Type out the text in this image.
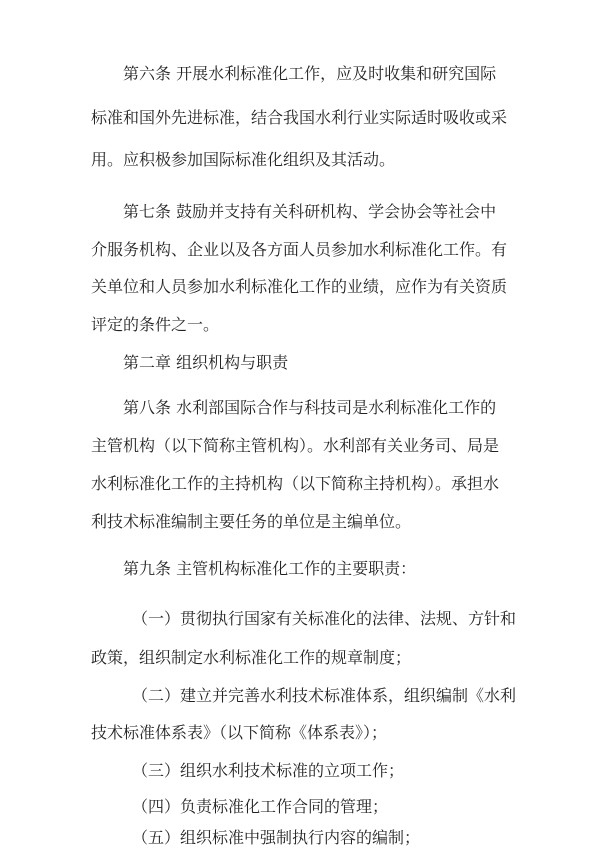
第六条 开展水利标准化工作，应及时收集和研究国际
标准和国外先进标准，结合我国水利行业实际适时吸收或采
用。应积极参加国际标准化组织及其活动。
第七条 鼓励并支持有关科研机构、学会协会等社会中
介服务机构、企业以及各方面人员参加水利标准化工作。有
关单位和人员参加水利标准化工作的业绩，应作为有关资质
评定的条件之一。
第二章 组织机构与职责
第八条 水利部国际合作与科技司是水利标准化工作的
主管机构（以下简称主管机构）。水利部有关业务司、局是
水利标准化工作的主持机构（以下简称主持机构）。承担水
利技术标准编制主要任务的单位是主编单位。
第九条 主管机构标准化工作的主要职责：
（一）贯彻执行国家有关标准化的法律、法规、方针和
政策，组织制定水利标准化工作的规章制度；
（二）建立并完善水利技术标准体系，组织编制《水利
技术标准体系表》（以下简称《体系表》）；
（三）组织水利技术标准的立项工作；
（四）负责标准化工作合同的管理；
（五）组织标准中强制执行内容的编制；
